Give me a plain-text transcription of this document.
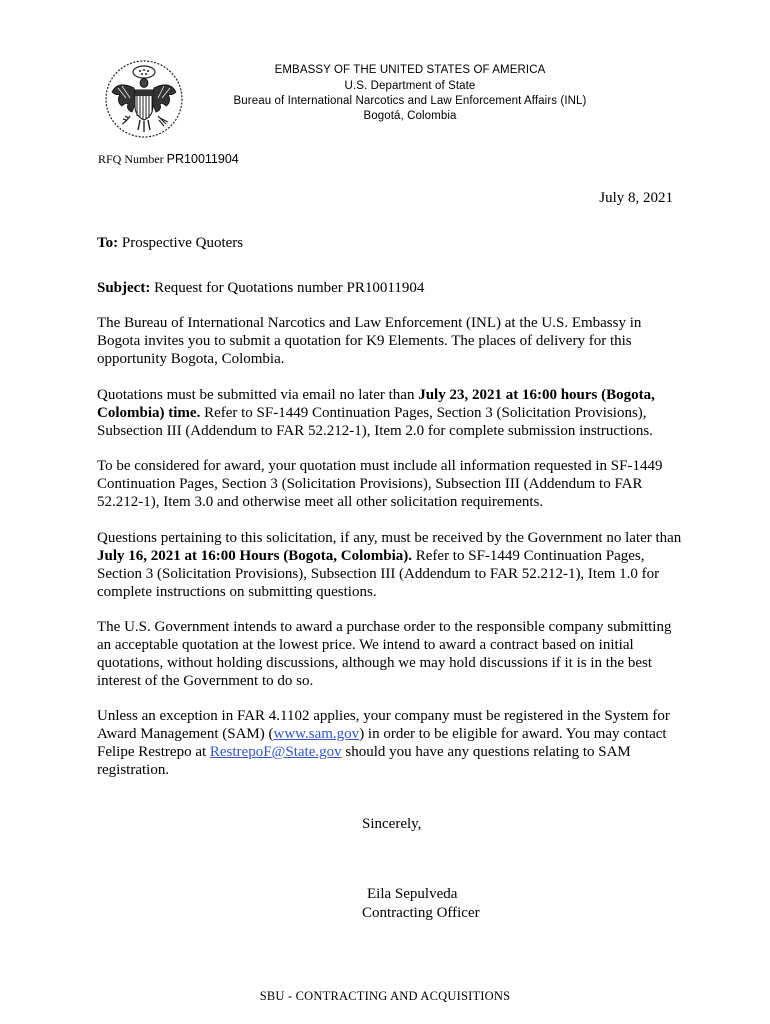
EMBASSY OF THE UNITED STATES OF AMERICA
U.S. Department of State
Bureau of International Narcotics and Law Enforcement Affairs (INL)
Bogotá, Colombia
RFQ Number PR10011904
July 8, 2021
To: Prospective Quoters
Subject: Request for Quotations number PR10011904

The Bureau of International Narcotics and Law Enforcement (INL) at the U.S. Embassy in Bogota invites you to submit a quotation for K9 Elements. The places of delivery for this opportunity Bogota, Colombia.

Quotations must be submitted via email no later than July 23, 2021 at 16:00 hours (Bogota, Colombia) time. Refer to SF-1449 Continuation Pages, Section 3 (Solicitation Provisions), Subsection III (Addendum to FAR 52.212-1), Item 2.0 for complete submission instructions.

To be considered for award, your quotation must include all information requested in SF-1449 Continuation Pages, Section 3 (Solicitation Provisions), Subsection III (Addendum to FAR 52.212-1), Item 3.0 and otherwise meet all other solicitation requirements.

Questions pertaining to this solicitation, if any, must be received by the Government no later than July 16, 2021 at 16:00 Hours (Bogota, Colombia). Refer to SF-1449 Continuation Pages, Section 3 (Solicitation Provisions), Subsection III (Addendum to FAR 52.212-1), Item 1.0 for complete instructions on submitting questions.

The U.S. Government intends to award a purchase order to the responsible company submitting an acceptable quotation at the lowest price. We intend to award a contract based on initial quotations, without holding discussions, although we may hold discussions if it is in the best interest of the Government to do so.

Unless an exception in FAR 4.1102 applies, your company must be registered in the System for Award Management (SAM) (www.sam.gov) in order to be eligible for award. You may contact Felipe Restrepo at RestrepoF@State.gov should you have any questions relating to SAM registration.

Sincerely,
Eila Sepulveda
Contracting Officer
SBU - CONTRACTING AND ACQUISITIONS
